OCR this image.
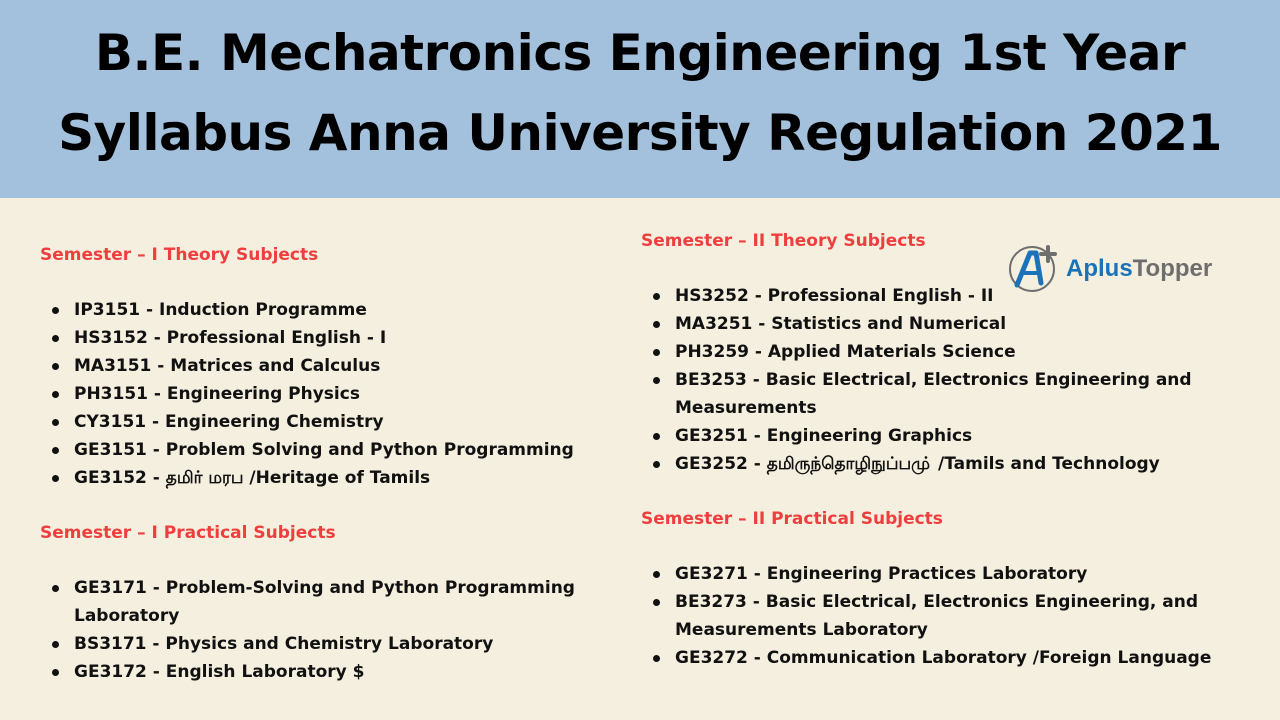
B.E. Mechatronics Engineering 1st Year
Syllabus Anna University Regulation 2021
AplusTopper
Semester – I Theory Subjects
IP3151 - Induction Programme
HS3152 - Professional English - I
MA3151 - Matrices and Calculus
PH3151 - Engineering Physics
CY3151 - Engineering Chemistry
GE3151 - Problem Solving and Python Programming
GE3152 - தமிர் மரப /Heritage of Tamils
Semester – I Practical Subjects
GE3171 - Problem-Solving and Python Programming Laboratory
BS3171 - Physics and Chemistry Laboratory
GE3172 - English Laboratory $
Semester – II Theory Subjects
HS3252 - Professional English - II
MA3251 - Statistics and Numerical
PH3259 - Applied Materials Science
BE3253 - Basic Electrical, Electronics Engineering and Measurements
GE3251 - Engineering Graphics
GE3252 - தமிருந்தொழிநுப்பமு் /Tamils and Technology
Semester – II Practical Subjects
GE3271 - Engineering Practices Laboratory
BE3273 - Basic Electrical, Electronics Engineering, and Measurements Laboratory
GE3272 - Communication Laboratory /Foreign Language
